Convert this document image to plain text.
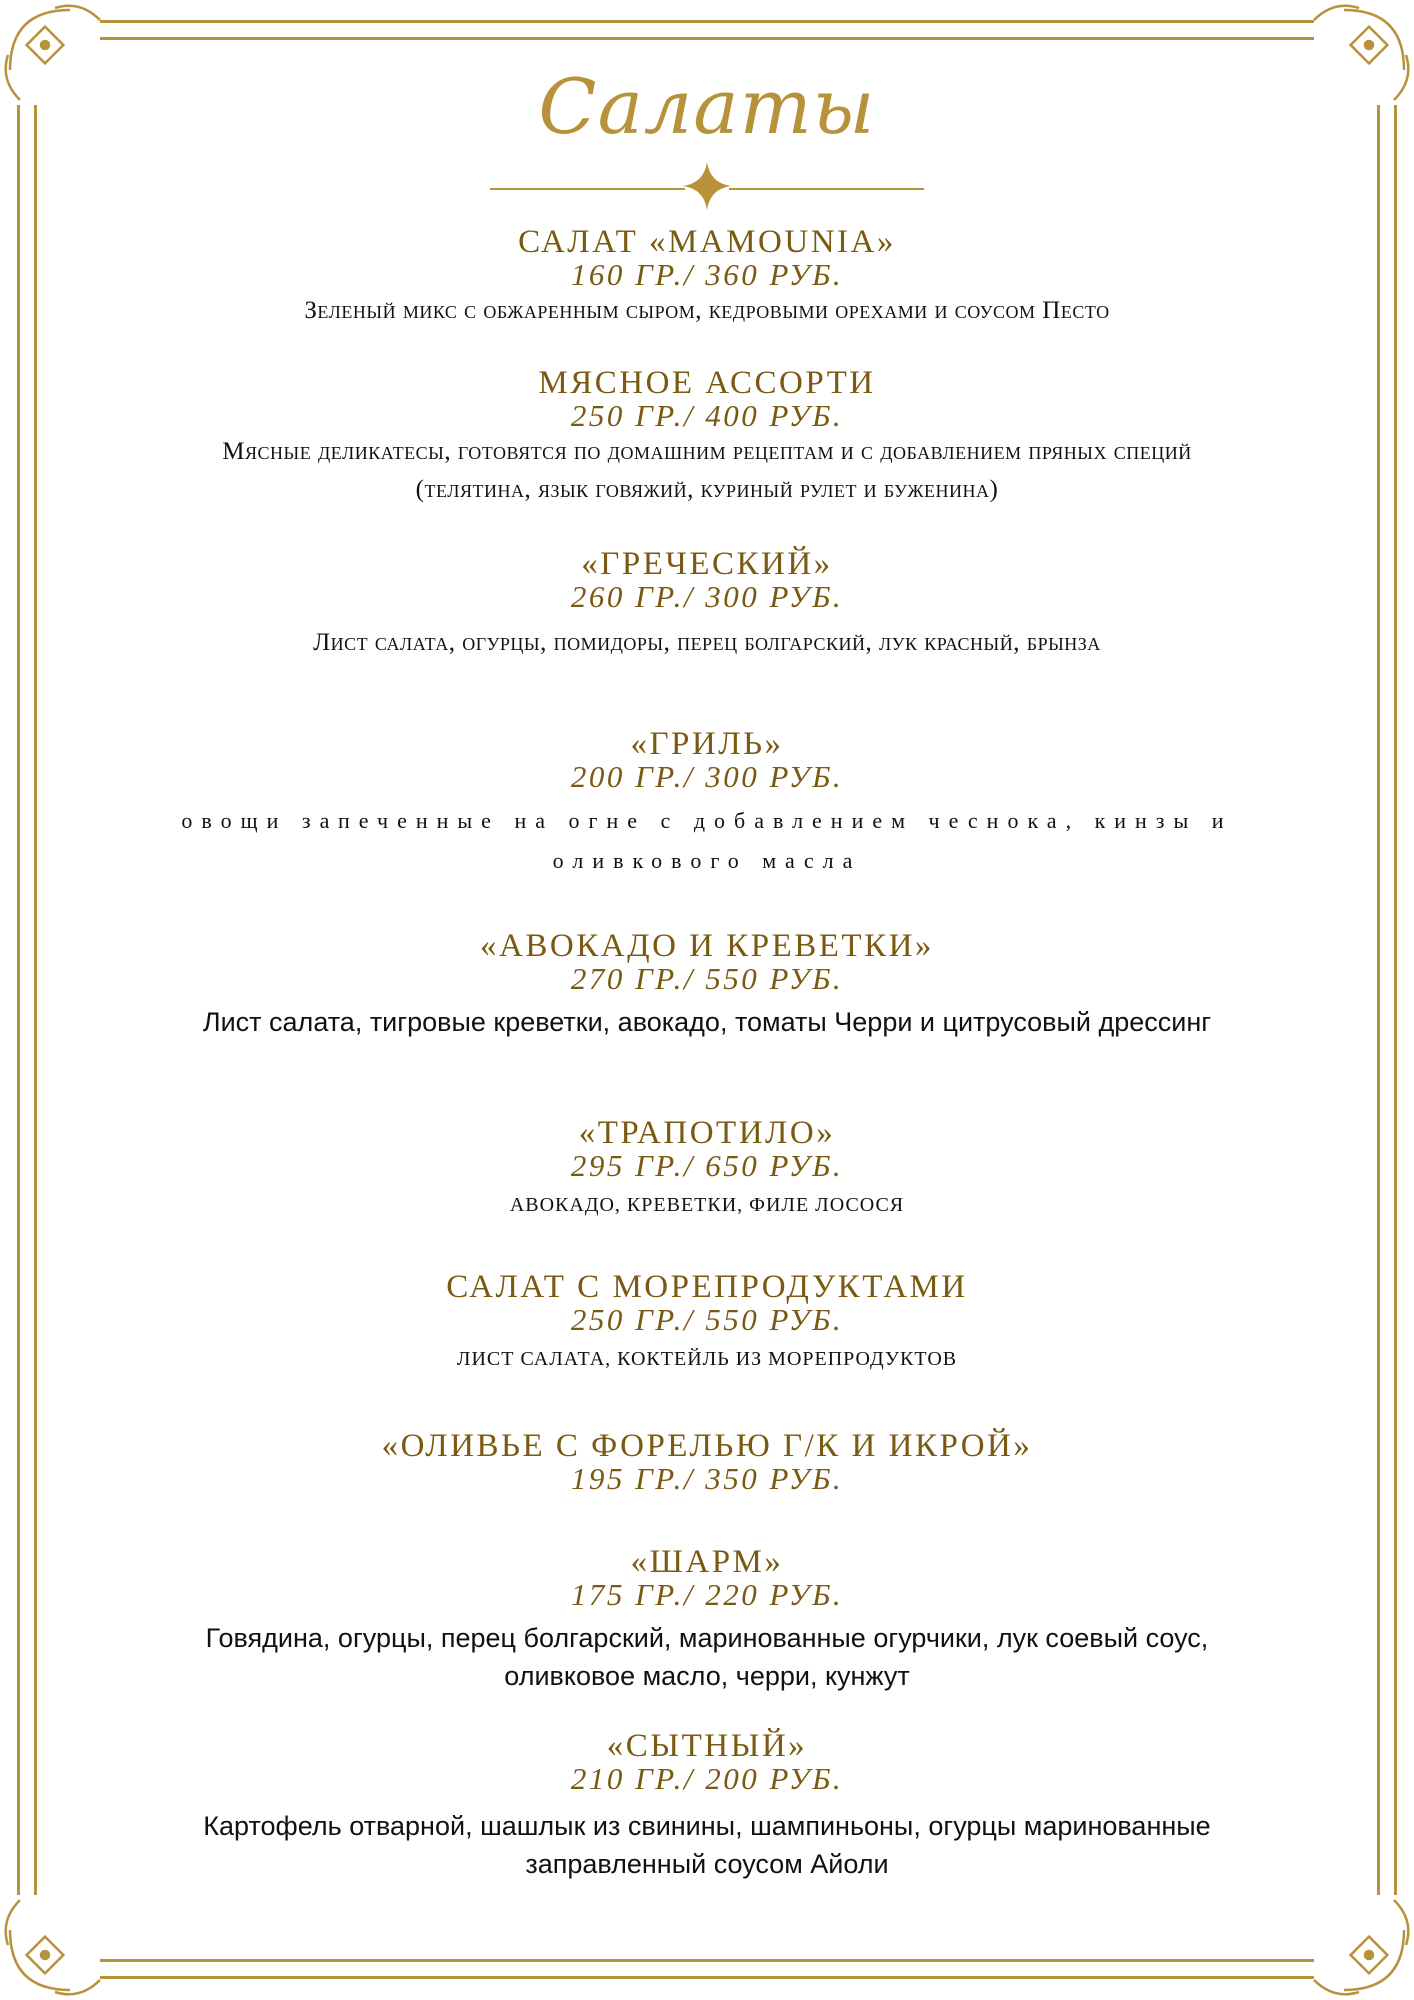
Салаты
САЛАТ «MAMOUNIA»
160 ГР./ 360 РУБ.
Зеленый микс с обжаренным сыром, кедровыми орехами и соусом Песто
МЯСНОЕ АССОРТИ
250 ГР./ 400 РУБ.
Мясные деликатесы, готовятся по домашним рецептам и с добавлением пряных специй
(телятина, язык говяжий, куриный рулет и буженина)
«ГРЕЧЕСКИЙ»
260 ГР./ 300 РУБ.
Лист салата, огурцы, помидоры, перец болгарский, лук красный, брынза
«ГРИЛЬ»
200 ГР./ 300 РУБ.
овощи запеченные на огне с добавлением чеснока, кинзы и
оливкового масла
«АВОКАДО И КРЕВЕТКИ»
270 ГР./ 550 РУБ.
Лист салата, тигровые креветки, авокадо, томаты Черри и цитрусовый дрессинг
«ТРАПОТИЛО»
295 ГР./ 650 РУБ.
АВОКАДО, КРЕВЕТКИ, ФИЛЕ ЛОСОСЯ
САЛАТ С МОРЕПРОДУКТАМИ
250 ГР./ 550 РУБ.
ЛИСТ САЛАТА, КОКТЕЙЛЬ ИЗ МОРЕПРОДУКТОВ
«ОЛИВЬЕ С ФОРЕЛЬЮ Г/К И ИКРОЙ»
195 ГР./ 350 РУБ.
«ШАРМ»
175 ГР./ 220 РУБ.
Говядина, огурцы, перец болгарский, маринованные огурчики, лук соевый соус,
оливковое масло, черри, кунжут
«СЫТНЫЙ»
210 ГР./ 200 РУБ.
Картофель отварной, шашлык из свинины, шампиньоны, огурцы маринованные
заправленный соусом Айоли
